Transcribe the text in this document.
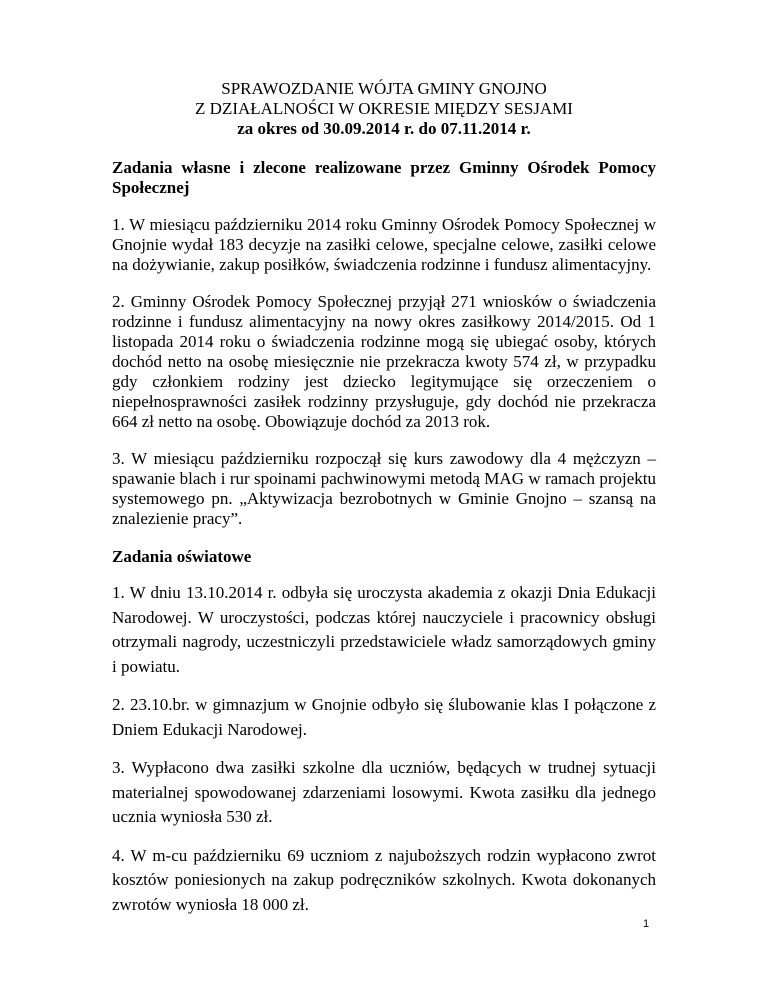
SPRAWOZDANIE WÓJTA GMINY GNOJNO
Z DZIAŁALNOŚCI W OKRESIE MIĘDZY SESJAMI
za okres od 30.09.2014 r. do 07.11.2014 r.
Zadania własne i zlecone realizowane przez Gminny Ośrodek Pomocy Społecznej
1. W miesiącu październiku 2014 roku Gminny Ośrodek Pomocy Społecznej w Gnojnie wydał 183 decyzje na zasiłki celowe, specjalne celowe, zasiłki celowe na dożywianie, zakup posiłków, świadczenia rodzinne i fundusz alimentacyjny.
2. Gminny Ośrodek Pomocy Społecznej przyjął 271 wniosków o świadczenia rodzinne i fundusz alimentacyjny na nowy okres zasiłkowy 2014/2015. Od 1 listopada 2014 roku o świadczenia rodzinne mogą się ubiegać osoby, których dochód netto na osobę miesięcznie nie przekracza kwoty 574 zł, w przypadku gdy członkiem rodziny jest dziecko legitymujące się orzeczeniem o niepełnosprawności zasiłek rodzinny przysługuje, gdy dochód nie przekracza 664 zł netto na osobę. Obowiązuje dochód za 2013 rok.
3. W miesiącu październiku rozpoczął się kurs zawodowy dla 4 mężczyzn – spawanie blach i rur spoinami pachwinowymi metodą MAG w ramach projektu systemowego pn. „Aktywizacja bezrobotnych w Gminie Gnojno – szansą na znalezienie pracy”.
Zadania oświatowe
1. W dniu 13.10.2014 r. odbyła się uroczysta akademia z okazji Dnia Edukacji Narodowej. W uroczystości, podczas której nauczyciele i pracownicy obsługi otrzymali nagrody, uczestniczyli przedstawiciele władz samorządowych gminy i powiatu.
2. 23.10.br. w gimnazjum w Gnojnie odbyło się ślubowanie klas I połączone z Dniem Edukacji Narodowej.
3. Wypłacono dwa zasiłki szkolne dla uczniów, będących w trudnej sytuacji materialnej spowodowanej zdarzeniami losowymi. Kwota zasiłku dla jednego ucznia wyniosła 530 zł.
4. W m-cu październiku 69 uczniom z najuboższych rodzin wypłacono zwrot kosztów poniesionych na zakup podręczników szkolnych. Kwota dokonanych zwrotów wyniosła 18 000 zł.
1
